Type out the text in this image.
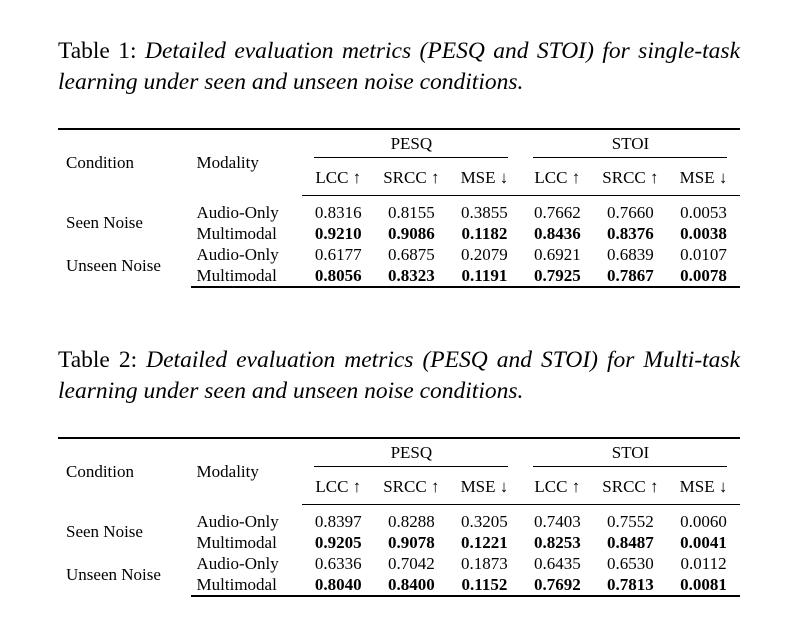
Table 1: Detailed evaluation metrics (PESQ and STOI) for single-task learning under seen and unseen noise conditions.
Condition	Modality	PESQ			STOI		
		LCC ↑	SRCC ↑	MSE ↓	LCC ↑	SRCC ↑	MSE ↓

Seen Noise	Audio-Only	0.8316	0.8155	0.3855	0.7662	0.7660	0.0053
	Multimodal	0.9210	0.9086	0.1182	0.8436	0.8376	0.0038
Unseen Noise	Audio-Only	0.6177	0.6875	0.2079	0.6921	0.6839	0.0107
	Multimodal	0.8056	0.8323	0.1191	0.7925	0.7867	0.0078
Table 2: Detailed evaluation metrics (PESQ and STOI) for Multi-task learning under seen and unseen noise conditions.
Condition	Modality	PESQ			STOI		
		LCC ↑	SRCC ↑	MSE ↓	LCC ↑	SRCC ↑	MSE ↓

Seen Noise	Audio-Only	0.8397	0.8288	0.3205	0.7403	0.7552	0.0060
	Multimodal	0.9205	0.9078	0.1221	0.8253	0.8487	0.0041
Unseen Noise	Audio-Only	0.6336	0.7042	0.1873	0.6435	0.6530	0.0112
	Multimodal	0.8040	0.8400	0.1152	0.7692	0.7813	0.0081
